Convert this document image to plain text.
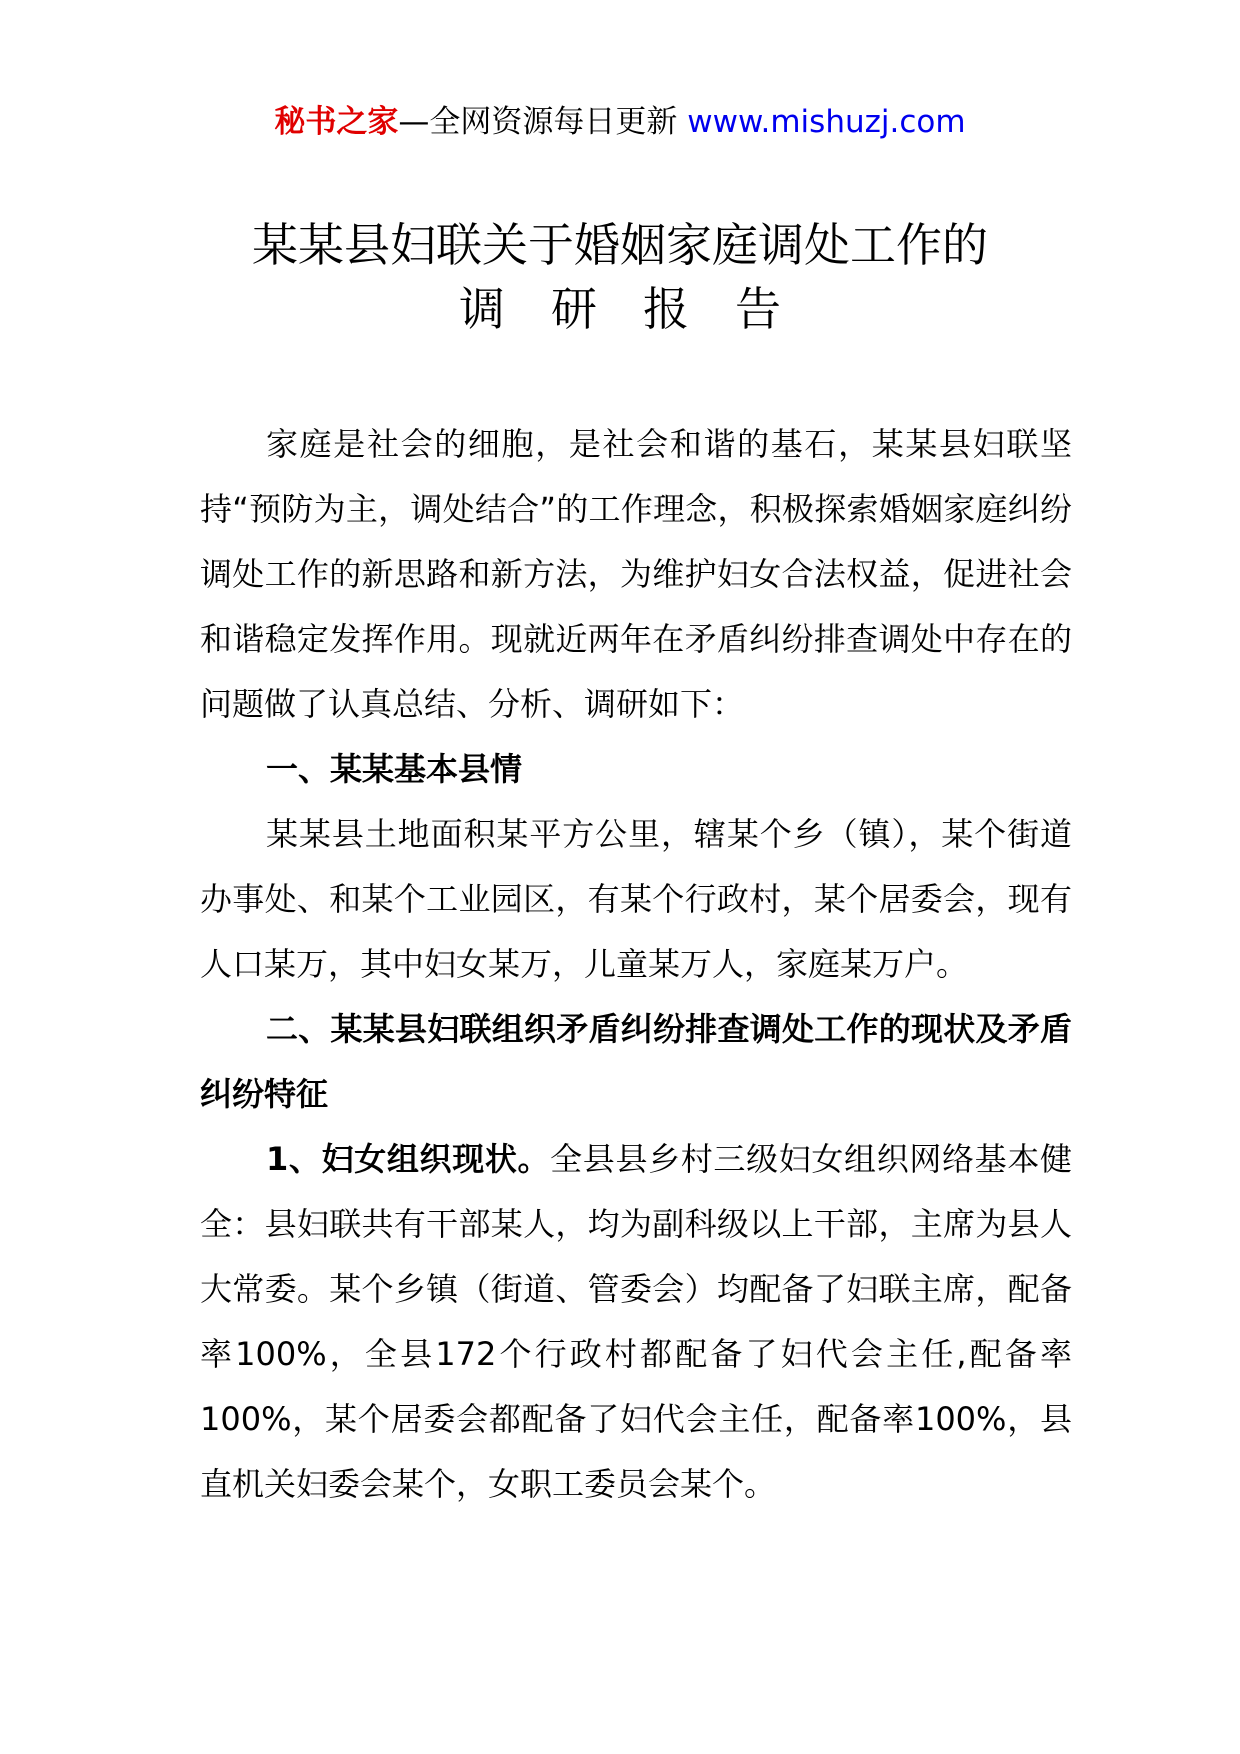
秘书之家—全网资源每日更新 www.mishuzj.com
某某县妇联关于婚姻家庭调处工作的
调研报告

家庭是社会的细胞，是社会和谐的基石，某某县妇联坚持“预防为主，调处结合”的工作理念，积极探索婚姻家庭纠纷调处工作的新思路和新方法，为维护妇女合法权益，促进社会和谐稳定发挥作用。现就近两年在矛盾纠纷排查调处中存在的问题做了认真总结、分析、调研如下：

一、某某基本县情

某某县土地面积某平方公里，辖某个乡（镇），某个街道办事处、和某个工业园区，有某个行政村，某个居委会，现有人口某万，其中妇女某万，儿童某万人，家庭某万户。

二、某某县妇联组织矛盾纠纷排查调处工作的现状及矛盾纠纷特征

1、妇女组织现状。全县县乡村三级妇女组织网络基本健全：县妇联共有干部某人，均为副科级以上干部，主席为县人大常委。某个乡镇（街道、管委会）均配备了妇联主席，配备率100%，全县172个行政村都配备了妇代会主任,配备率100%，某个居委会都配备了妇代会主任，配备率100%，县直机关妇委会某个，女职工委员会某个。
